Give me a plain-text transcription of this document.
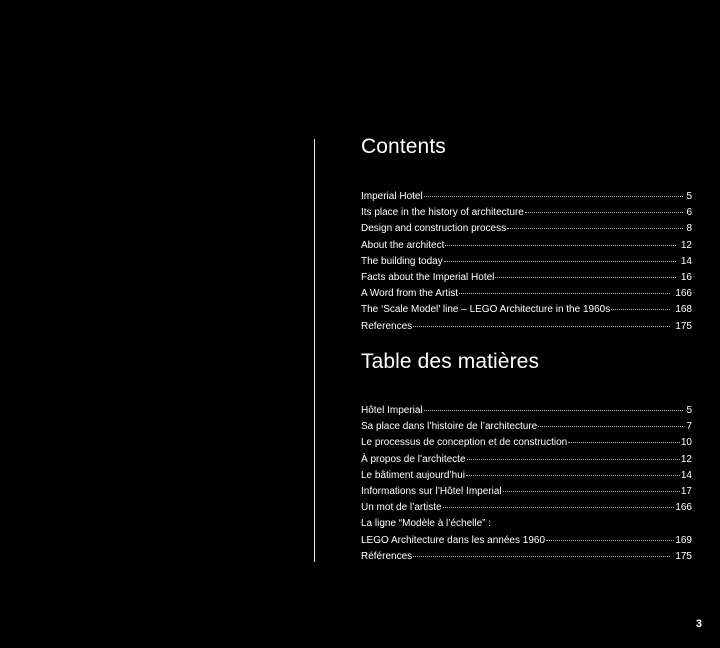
Contents
Imperial Hotel	5
Its place in the history of architecture	6
Design and construction process	8
About the architect	12
The building today	14
Facts about the Imperial Hotel	16
A Word from the Artist	166
The ‘Scale Model’ line – LEGO Architecture in the 1960s	168
References	175
Table des matières
Hôtel Imperial	5
Sa place dans l’histoire de l’architecture	7
Le processus de conception et de construction	10
À propos de l’architecte	12
Le bâtiment aujourd’hui	14
Informations sur l’Hôtel Imperial	17
Un mot de l’artiste	166
La ligne “Modèle à l’échelle” :
LEGO Architecture dans les années 1960	169
Références	175
3
